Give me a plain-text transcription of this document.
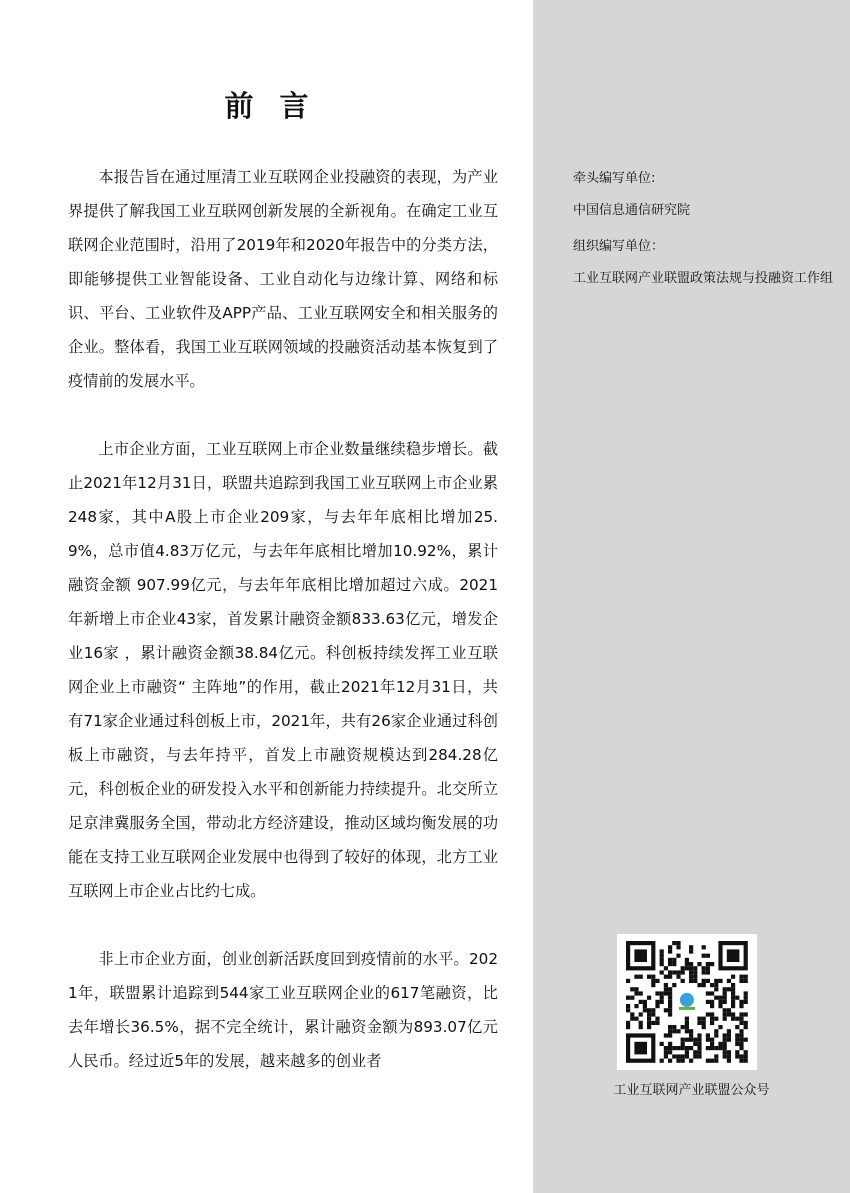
前言

本报告旨在通过厘清工业互联网企业投融资的表现，为产业界提供了解我国工业互联网创新发展的全新视角。在确定工业互联网企业范围时，沿用了2019年和2020年报告中的分类方法，即能够提供工业智能设备、工业自动化与边缘计算、网络和标识、平台、工业软件及APP产品、工业互联网安全和相关服务的企业。整体看，我国工业互联网领域的投融资活动基本恢复到了疫情前的发展水平。

上市企业方面，工业互联网上市企业数量继续稳步增长。截止2021年12月31日，联盟共追踪到我国工业互联网上市企业累248家，其中A股上市企业209家，与去年年底相比增加25.9%，总市值4.83万亿元，与去年年底相比增加10.92%，累计融资金额 907.99亿元，与去年年底相比增加超过六成。2021年新增上市企业43家，首发累计融资金额833.63亿元，增发企业16家 ，累计融资金额38.84亿元。科创板持续发挥工业互联网企业上市融资“ 主阵地”的作用，截止2021年12月31日，共有71家企业通过科创板上市，2021年，共有26家企业通过科创板上市融资，与去年持平，首发上市融资规模达到284.28亿元，科创板企业的研发投入水平和创新能力持续提升。北交所立足京津冀服务全国，带动北方经济建设，推动区域均衡发展的功能在支持工业互联网企业发展中也得到了较好的体现，北方工业互联网上市企业占比约七成。

非上市企业方面，创业创新活跃度回到疫情前的水平。2021年，联盟累计追踪到544家工业互联网企业的617笔融资，比去年增长36.5%，据不完全统计，累计融资金额为893.07亿元人民币。经过近5年的发展，越来越多的创业者

牵头编写单位:

中国信息通信研究院

组织编写单位：

工业互联网产业联盟政策法规与投融资工作组

工业互联网产业联盟公众号
